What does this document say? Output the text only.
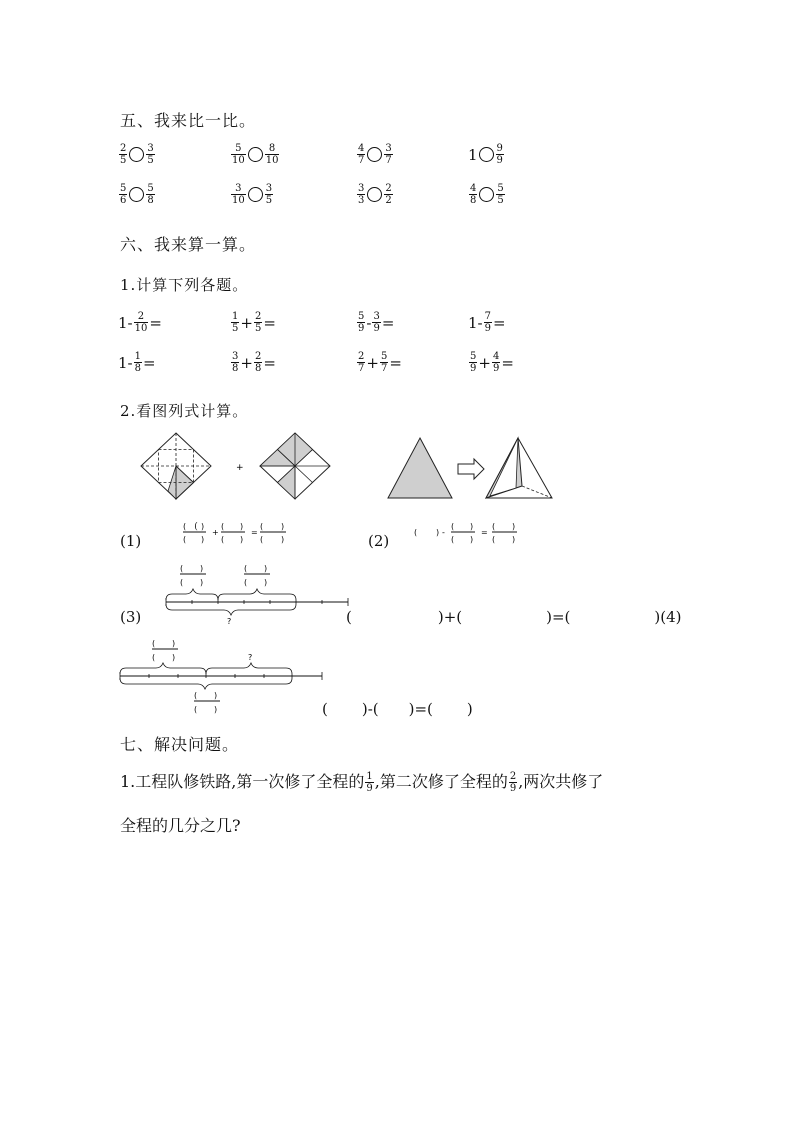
五、我来比一比。
$\frac{2}{5} \frac{3}{5}$	$\frac{5}{10} \frac{8}{10}$	$\frac{4}{7} \frac{3}{7}$	$1 \frac{9}{9}$
$\frac{5}{6} \frac{5}{8}$	$\frac{3}{10} \frac{3}{5}$	$\frac{3}{3} \frac{2}{2}$	$\frac{4}{8} \frac{5}{5}$
六、我来算一算。
1.计算下列各题。
$1 - \frac{2}{10}$ =	$\frac{1}{5} + \frac{2}{5}$ =	$\frac{5}{9} - \frac{3}{9}$ =	$1 - \frac{7}{9}$ =
$1 - \frac{1}{8}$ =	$\frac{3}{8} + \frac{2}{8}$ =	$\frac{2}{7} + \frac{5}{7}$ =	$\frac{5}{9} + \frac{4}{9}$ =
2.看图列式计算。
+
(1)
(
( )
( )
+
( )
( )
=
( )
( )	(2)	( ) -
( )
( )
=
( )
( )
(3)
( )
( )
( )
( )
?	(	)+(	)=(	)(4)
( )
( )	?
( )
( )	( )-( )=( )
七、解决问题。
1.工程队修铁路,第一次修了全程的 $\frac{1}{9}$ ,第二次修了全程的 $\frac{2}{9}$ ,两次共修了
全程的几分之几?
